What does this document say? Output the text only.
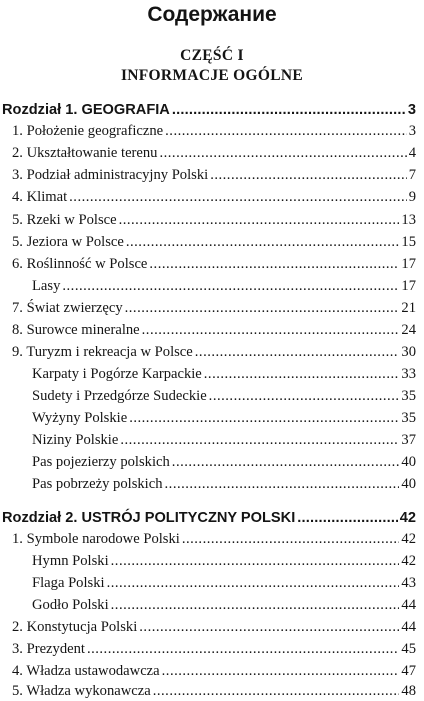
Содержание
CZĘŚĆ I
INFORMACJE OGÓLNE
Rozdział 1. GEOGRAFIA .....	3
1. Położenie geograficzne .....	3
2. Ukształtowanie terenu .....	4
3. Podział administracyjny Polski .....	7
4. Klimat .....	9
5. Rzeki w Polsce .....	13
5. Jeziora w Polsce .....	15
6. Roślinność w Polsce .....	17
Lasy .....	17
7. Świat zwierzęcy .....	21
8. Surowce mineralne .....	24
9. Turyzm i rekreacja w Polsce .....	30
Karpaty i Pogórze Karpackie .....	33
Sudety i Przedgórze Sudeckie .....	35
Wyżyny Polskie .....	35
Niziny Polskie .....	37
Pas pojezierzy polskich .....	40
Pas pobrzeży polskich .....	40
Rozdział 2. USTRÓJ POLITYCZNY POLSKI .....	42
1. Symbole narodowe Polski .....	42
Hymn Polski .....	42
Flaga Polski .....	43
Godło Polski .....	44
2. Konstytucja Polski .....	44
3. Prezydent .....	45
4. Władza ustawodawcza .....	47
5. Władza wykonawcza .....	48
